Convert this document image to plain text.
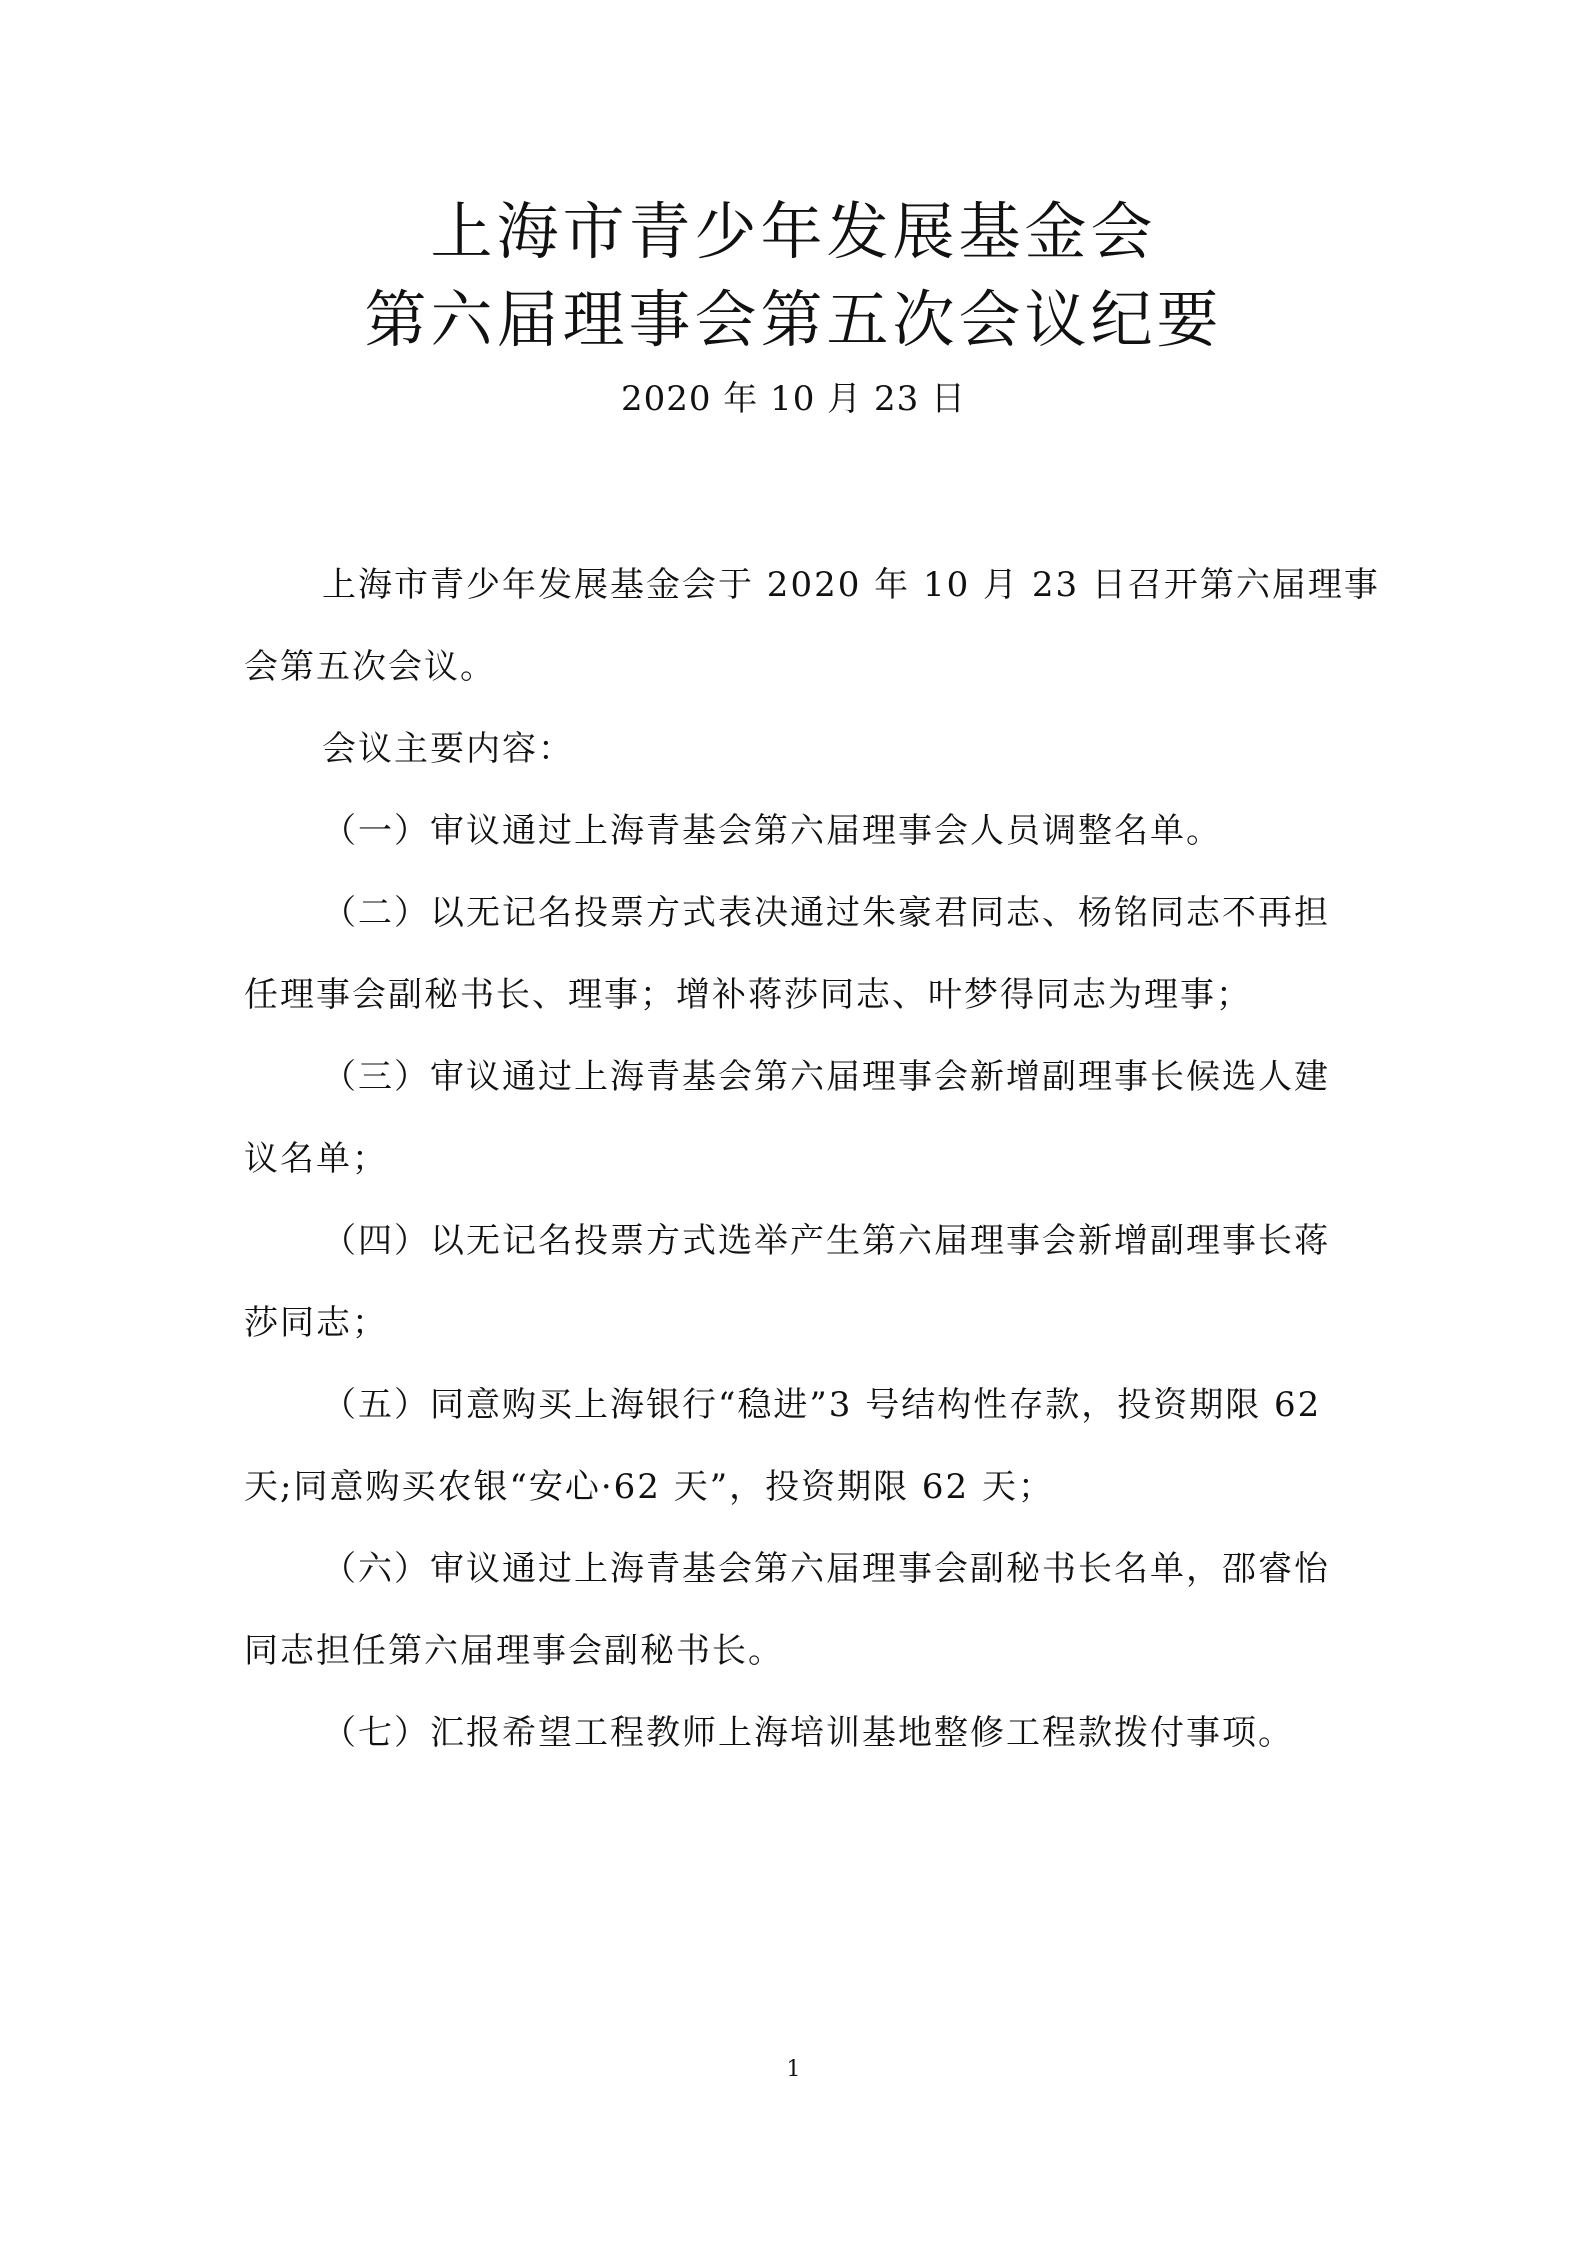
上海市青少年发展基金会
第六届理事会第五次会议纪要
2020 年 10 月 23 日
上海市青少年发展基金会于 2020 年 10 月 23 日召开第六届理事
会第五次会议。
会议主要内容：
（一）审议通过上海青基会第六届理事会人员调整名单。
（二）以无记名投票方式表决通过朱豪君同志、杨铭同志不再担
任理事会副秘书长、理事；增补蒋莎同志、叶梦得同志为理事；
（三）审议通过上海青基会第六届理事会新增副理事长候选人建
议名单；
（四）以无记名投票方式选举产生第六届理事会新增副理事长蒋
莎同志；
（五）同意购买上海银行“稳进”3 号结构性存款，投资期限 62
天;同意购买农银“安心·62 天”，投资期限 62 天；
（六）审议通过上海青基会第六届理事会副秘书长名单，邵睿怡
同志担任第六届理事会副秘书长。
（七）汇报希望工程教师上海培训基地整修工程款拨付事项。
1
